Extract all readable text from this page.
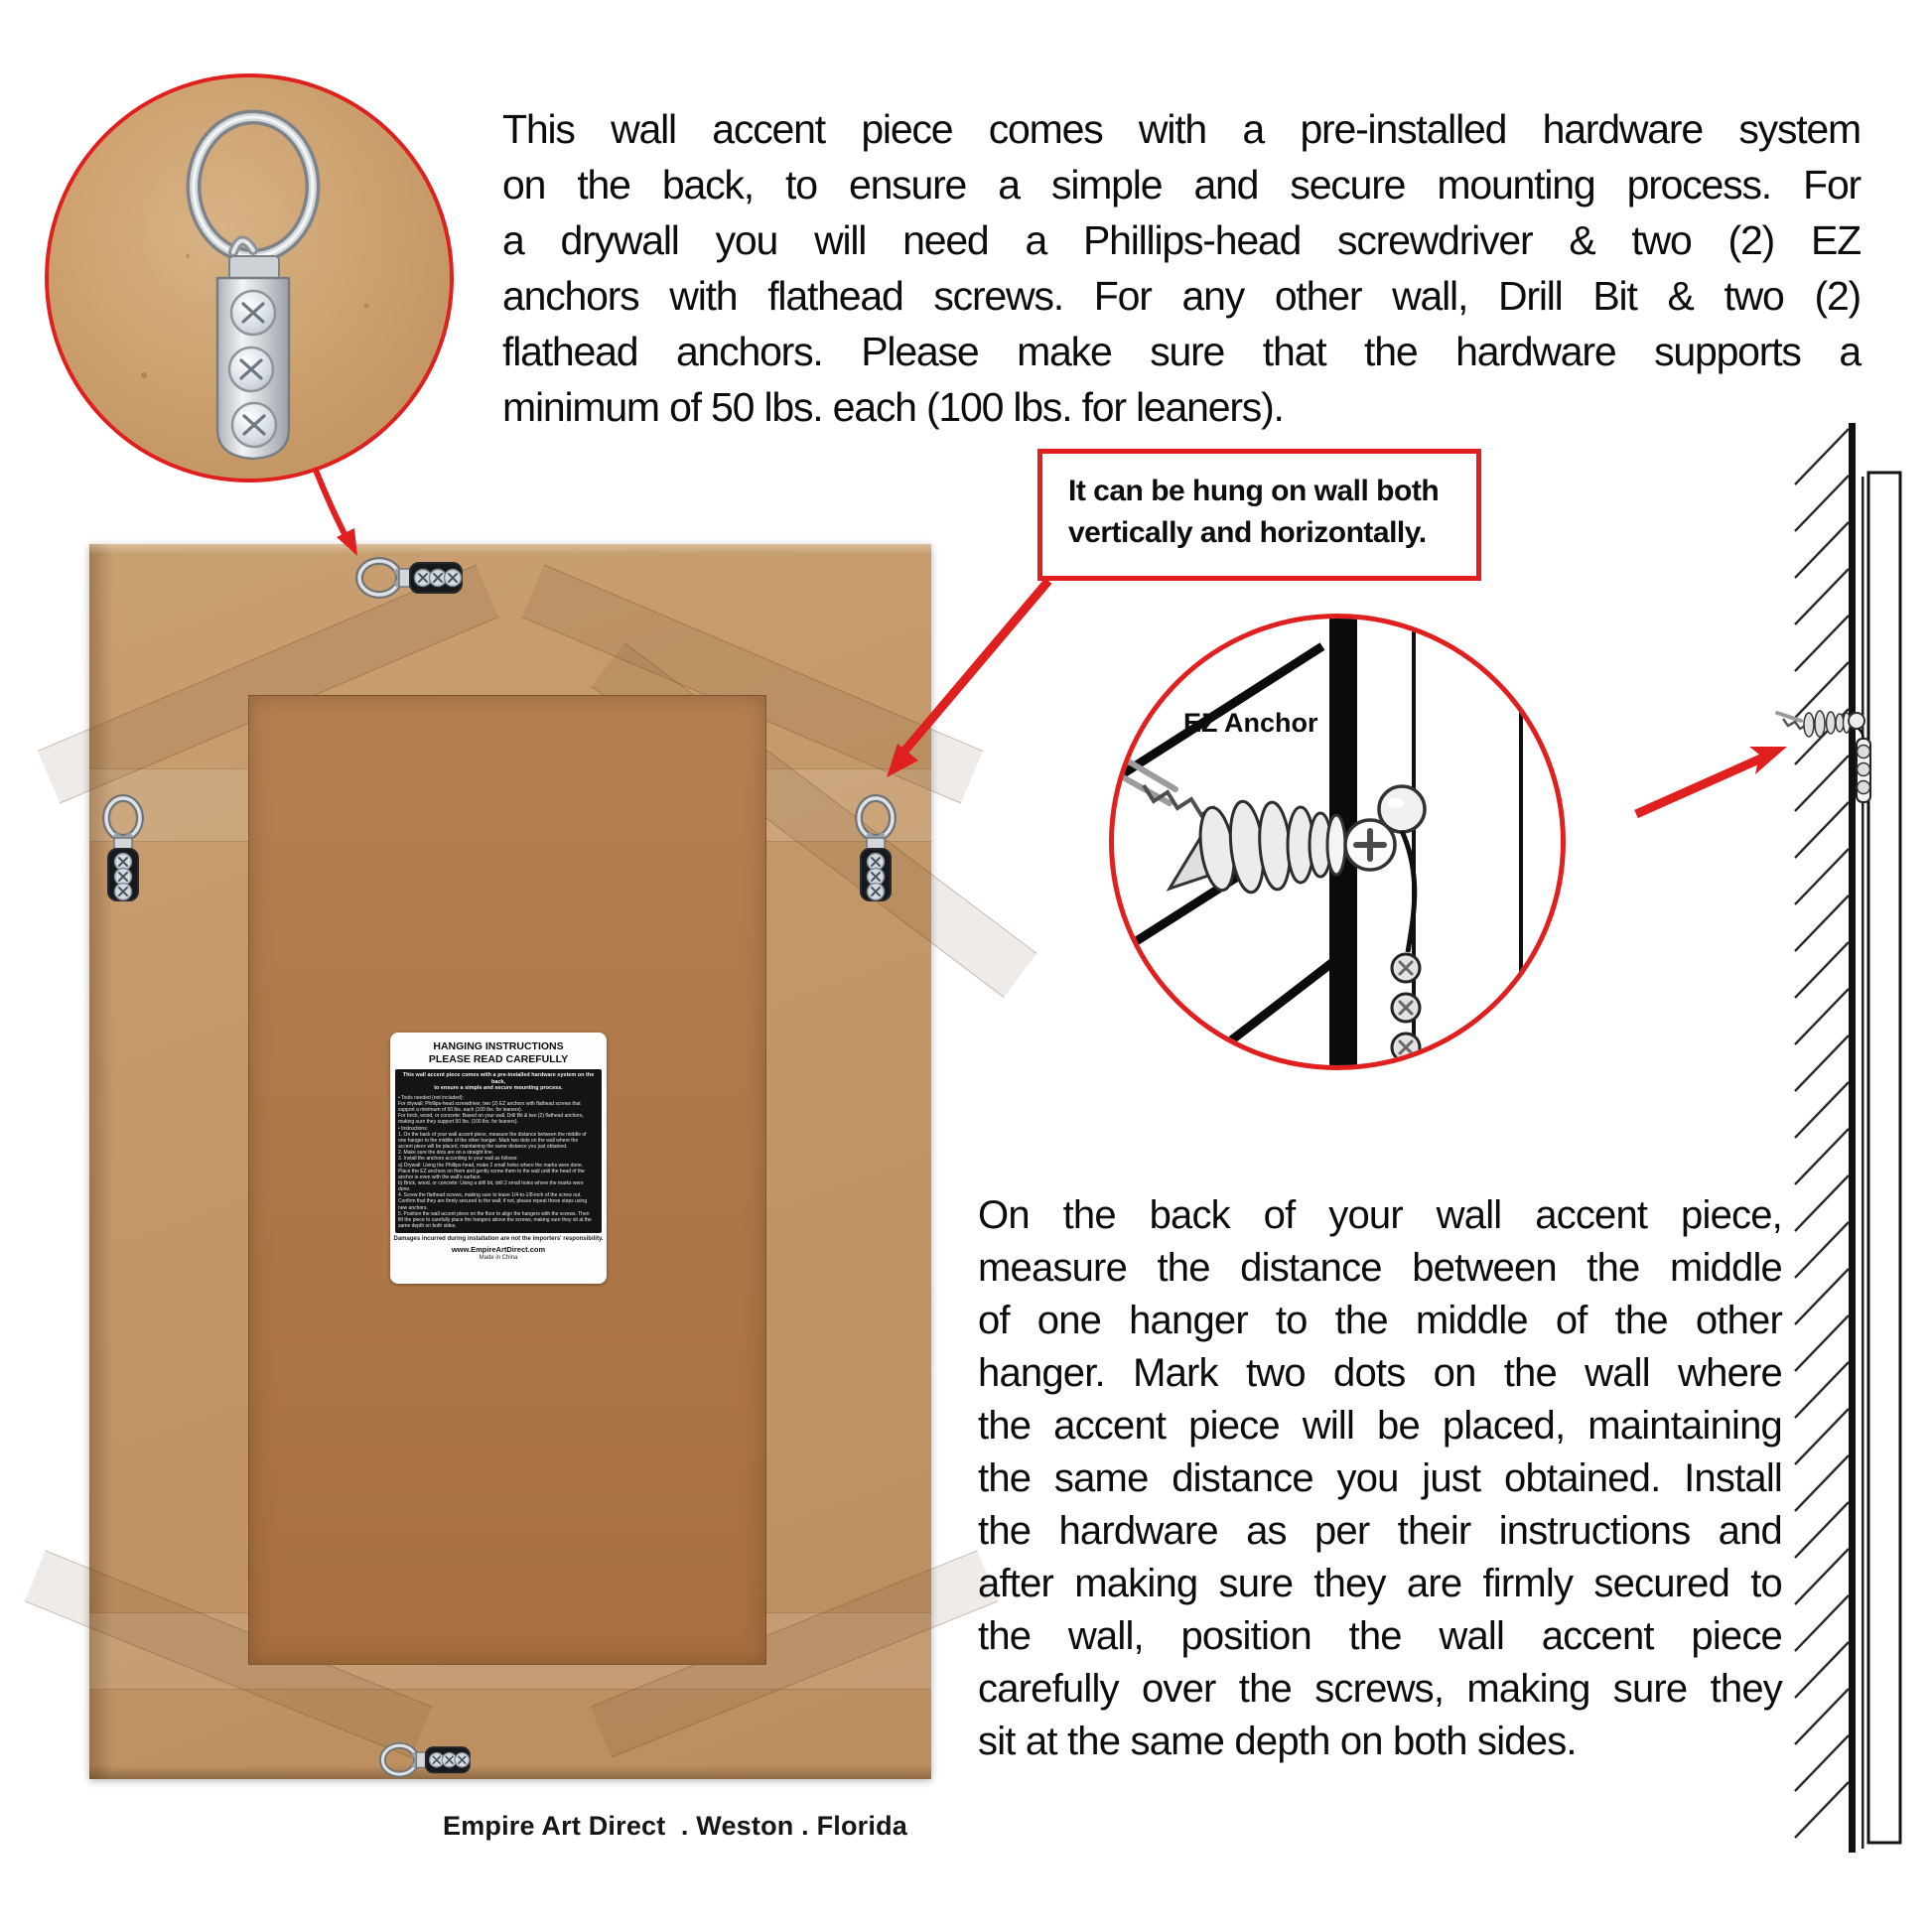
This wall accent piece comes with a pre-installed hardware system
on the back, to ensure a simple and secure mounting process. For
a drywall you will need a Phillips-head screwdriver & two (2) EZ
anchors with flathead screws. For any other wall, Drill Bit & two (2)
flathead anchors. Please make sure that the hardware supports a
minimum of 50 lbs. each (100 lbs. for leaners).
It can be hung on wall both
vertically and horizontally.
HANGING INSTRUCTIONS
PLEASE READ CAREFULLY
This wall accent piece comes with a pre-installed hardware system on the back,
to ensure a simple and secure mounting process.
• Tools needed (not included):
For drywall: Phillips-head screwdriver, two (2) EZ anchors with flathead screws that
support a minimum of 50 lbs. each (100 lbs. for leaners).
For brick, wood, or concrete: Based on your wall, Drill Bit & two (2) flathead anchors,
making sure they support 50 lbs. (100 lbs. for leaners).
• Instructions:
1. On the back of your wall accent piece, measure the distance between the middle of
one hanger to the middle of the other hanger. Mark two dots on the wall where the
accent piece will be placed, maintaining the same distance you just obtained.
2. Make sure the dots are on a straight line.
3. Install the anchors according to your wall as follows:
a) Drywall: Using the Phillips-head, make 2 small holes where the marks were done.
Place the EZ anchors on them and gently screw them to the wall until the head of the
anchor is even with the wall's surface.
b) Brick, wood, or concrete: Using a drill bit, drill 2 small holes where the marks were
done.
4. Screw the flathead screws, making sure to leave 1/4-to-1/8-inch of the screw out.
Confirm that they are firmly secured to the wall; if not, please repeat these steps using
new anchors.
5. Position the wall accent piece on the floor to align the hangers with the screws. Then
lift the piece to carefully place the hangers above the screws, making sure they sit at the
same depth on both sides.
Damages incurred during installation are not the importers' responsibility.
www.EmpireArtDirect.com
Made in China
EZ Anchor
On the back of your wall accent piece,
measure the distance between the middle
of one hanger to the middle of the other
hanger. Mark two dots on the wall where
the accent piece will be placed, maintaining
the same distance you just obtained. Install
the hardware as per their instructions and
after making sure they are firmly secured to
the wall, position the wall accent piece
carefully over the screws, making sure they
sit at the same depth on both sides.
Empire Art Direct  . Weston . Florida
